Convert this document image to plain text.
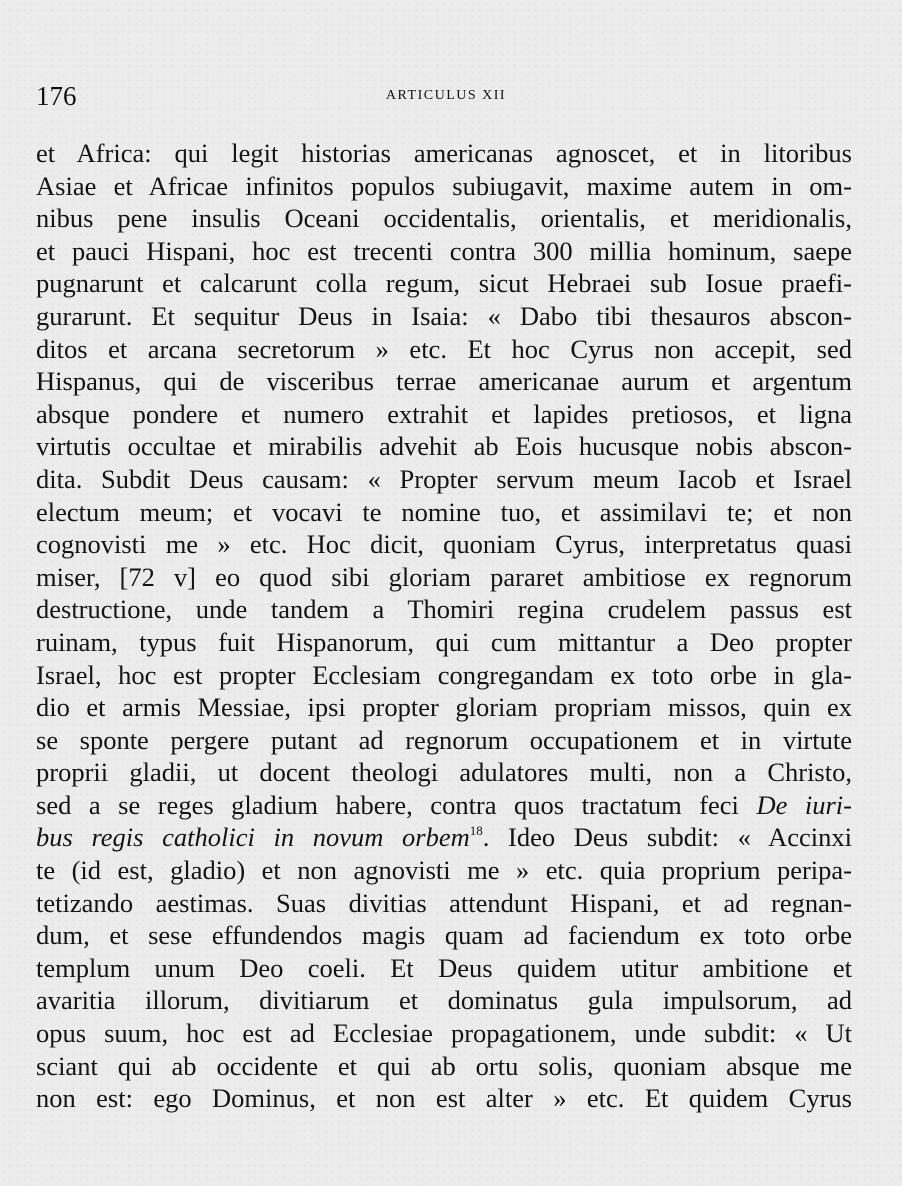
176	ARTICULUS XII
et Africa: qui legit historias americanas agnoscet, et in litoribus
Asiae et Africae infinitos populos subiugavit, maxime autem in om-
nibus pene insulis Oceani occidentalis, orientalis, et meridionalis,
et pauci Hispani, hoc est trecenti contra 300 millia hominum, saepe
pugnarunt et calcarunt colla regum, sicut Hebraei sub Iosue praefi-
gurarunt. Et sequitur Deus in Isaia: « Dabo tibi thesauros abscon-
ditos et arcana secretorum » etc. Et hoc Cyrus non accepit, sed
Hispanus, qui de visceribus terrae americanae aurum et argentum
absque pondere et numero extrahit et lapides pretiosos, et ligna
virtutis occultae et mirabilis advehit ab Eois hucusque nobis abscon-
dita. Subdit Deus causam: « Propter servum meum Iacob et Israel
electum meum; et vocavi te nomine tuo, et assimilavi te; et non
cognovisti me » etc. Hoc dicit, quoniam Cyrus, interpretatus quasi
miser, [72 v] eo quod sibi gloriam pararet ambitiose ex regnorum
destructione, unde tandem a Thomiri regina crudelem passus est
ruinam, typus fuit Hispanorum, qui cum mittantur a Deo propter
Israel, hoc est propter Ecclesiam congregandam ex toto orbe in gla-
dio et armis Messiae, ipsi propter gloriam propriam missos, quin ex
se sponte pergere putant ad regnorum occupationem et in virtute
proprii gladii, ut docent theologi adulatores multi, non a Christo,
sed a se reges gladium habere, contra quos tractatum feci De iuri-
bus regis catholici in novum orbem$^{18}$. Ideo Deus subdit: « Accinxi
te (id est, gladio) et non agnovisti me » etc. quia proprium peripa-
tetizando aestimas. Suas divitias attendunt Hispani, et ad regnan-
dum, et sese effundendos magis quam ad faciendum ex toto orbe
templum unum Deo coeli. Et Deus quidem utitur ambitione et
avaritia illorum, divitiarum et dominatus gula impulsorum, ad
opus suum, hoc est ad Ecclesiae propagationem, unde subdit: « Ut
sciant qui ab occidente et qui ab ortu solis, quoniam absque me
non est: ego Dominus, et non est alter » etc. Et quidem Cyrus
